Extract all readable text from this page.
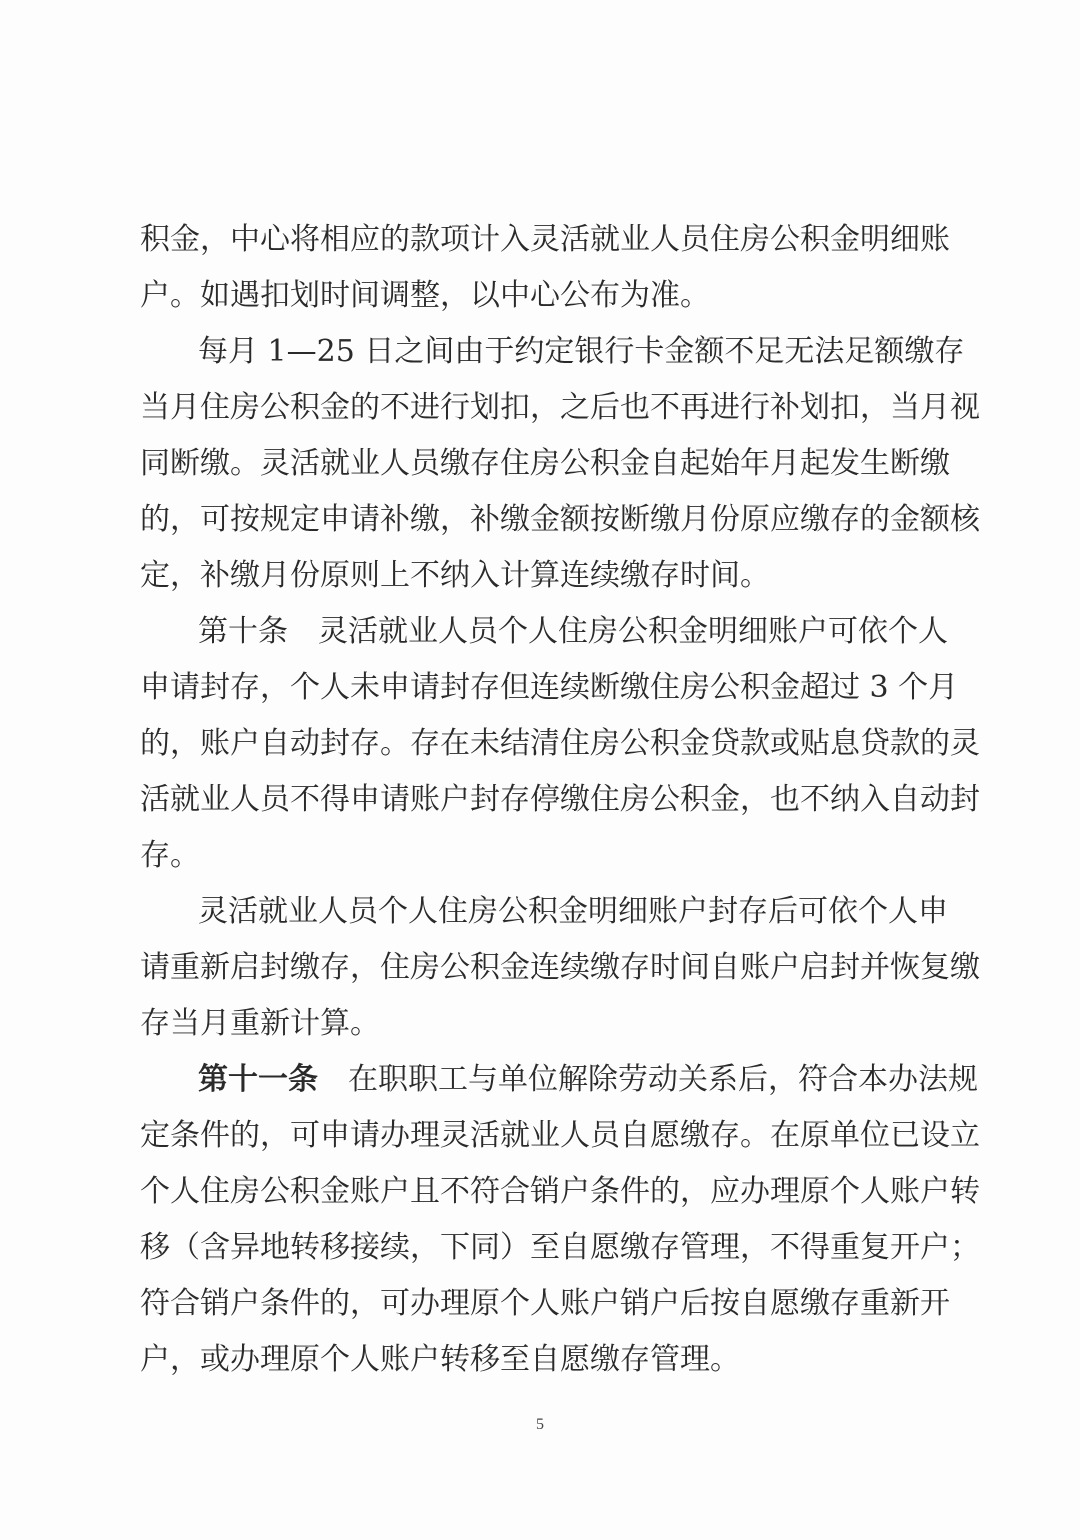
积金，中心将相应的款项计入灵活就业人员住房公积金明细账
户。如遇扣划时间调整，以中心公布为准。
每月 1—25 日之间由于约定银行卡金额不足无法足额缴存
当月住房公积金的不进行划扣，之后也不再进行补划扣，当月视
同断缴。灵活就业人员缴存住房公积金自起始年月起发生断缴
的，可按规定申请补缴，补缴金额按断缴月份原应缴存的金额核
定，补缴月份原则上不纳入计算连续缴存时间。
第十条　灵活就业人员个人住房公积金明细账户可依个人
申请封存，个人未申请封存但连续断缴住房公积金超过 3 个月
的，账户自动封存。存在未结清住房公积金贷款或贴息贷款的灵
活就业人员不得申请账户封存停缴住房公积金，也不纳入自动封
存。
灵活就业人员个人住房公积金明细账户封存后可依个人申
请重新启封缴存，住房公积金连续缴存时间自账户启封并恢复缴
存当月重新计算。
第十一条　 在职职工与单位解除劳动关系后，符合本办法规
定条件的，可申请办理灵活就业人员自愿缴存。在原单位已设立
个人住房公积金账户且不符合销户条件的，应办理原个人账户转
移（含异地转移接续，下同）至自愿缴存管理，不得重复开户；
符合销户条件的，可办理原个人账户销户后按自愿缴存重新开
户，或办理原个人账户转移至自愿缴存管理。
5
